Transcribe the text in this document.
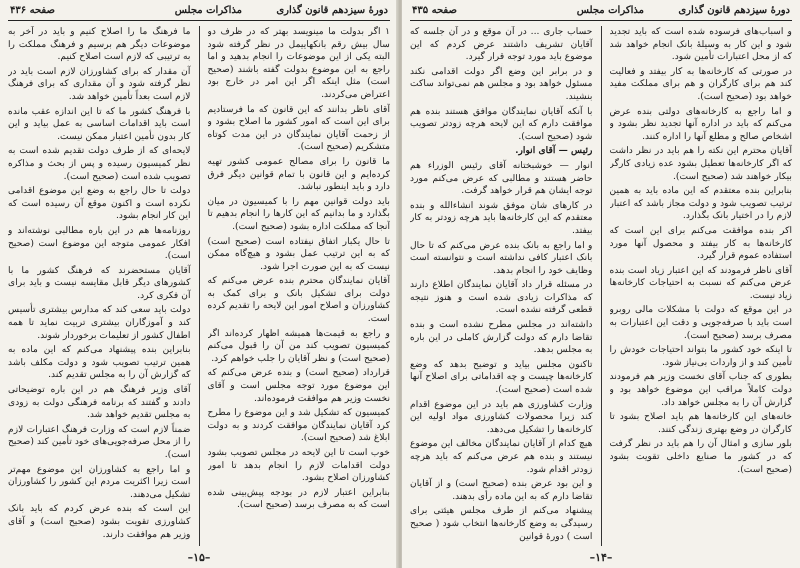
دورهٔ سیزدهم قانون گذاری
مذاکرات مجلس
صفحه ۴۳۶

۱ اگر بدولت ما مینویسد بهتر که در ظرف دو سال بیش رقم بانکهاییمل در نظر گرفته شود البته یکی از این موضوعات را انجام بدهید و اما راجع به این موضوع بدولت گفته باشند (صحیح است) مثل اینکه اگر این امر در خارج بود اعتراض می‌کردند.

آقای ناظر بدانند که این قانون که ما فرستادیم برای این است که امور کشور ما اصلاح بشود و از زحمت آقایان نمایندگان در این مدت کوتاه متشکریم (صحیح است).

ما قانون را برای مصالح عمومی کشور تهیه کرده‌ایم و این قانون با تمام قوانین دیگر فرق دارد و باید اینطور نباشد.

باید دولت قوانین مهم را با کمیسیون در میان بگذارد و ما بدانیم که این کارها را انجام بدهیم تا آنجا که مملکت اداره بشود (صحیح است).

تا حال یکبار اتفاق نیفتاده است (صحیح است) که به این ترتیب عمل بشود و هیچ‌گاه ممکن نیست که به این صورت اجرا شود.

آقایان نمایندگان محترم بنده عرض می‌کنم که دولت برای تشکیل بانک و برای کمک به کشاورزان و اصلاح امور این لایحه را تقدیم کرده است.

و راجع به قیمت‌ها همیشه اظهار کرده‌اند اگر کمیسیون تصویب کند من آن را قبول می‌کنم (صحیح است) و نظر آقایان را جلب خواهم کرد.

قرارداد (صحیح است) و بنده عرض می‌کنم که این موضوع مورد توجه مجلس است و آقای نخست وزیر هم موافقت فرموده‌اند.

کمیسیون که تشکیل شد و این موضوع را مطرح کرد آقایان نمایندگان موافقت کردند و به دولت ابلاغ شد (صحیح است).

خوب است تا این لایحه در مجلس تصویب بشود دولت اقدامات لازم را انجام بدهد تا امور کشاورزان اصلاح بشود.

بنابراین اعتبار لازم در بودجه پیش‌بینی شده است که به مصرف برسد (صحیح است).

ما فرهنگ ما را اصلاح کنیم و باید در آخر به موضوعات دیگر هم برسیم و فرهنگ مملکت را به ترتیبی که لازم است اصلاح کنیم.

آن مقدار که برای کشاورزان لازم است باید در نظر گرفته شود و آن مقداری که برای فرهنگ لازم است بعداً تأمین خواهد شد.

با فرهنگ کشور ما که تا این اندازه عقب مانده است باید اقدامات اساسی به عمل بیاید و این کار بدون تأمین اعتبار ممکن نیست.

لایحه‌ای که از طرف دولت تقدیم شده است به نظر کمیسیون رسیده و پس از بحث و مذاکره تصویب شده است (صحیح است).

دولت تا حال راجع به وضع این موضوع اقدامی نکرده است و اکنون موقع آن رسیده است که این کار انجام بشود.

روزنامه‌ها هم در این باره مطالبی نوشته‌اند و افکار عمومی متوجه این موضوع است (صحیح است).

آقایان مستحضرند که فرهنگ کشور ما با کشورهای دیگر قابل مقایسه نیست و باید برای آن فکری کرد.

دولت باید سعی کند که مدارس بیشتری تأسیس کند و آموزگاران بیشتری تربیت نماید تا همه اطفال کشور از تعلیمات برخوردار شوند.

بنابراین بنده پیشنهاد می‌کنم که این ماده به همین ترتیب تصویب شود و دولت مکلف باشد که گزارش آن را به مجلس تقدیم کند.

آقای وزیر فرهنگ هم در این باره توضیحاتی دادند و گفتند که برنامه فرهنگی دولت به زودی به مجلس تقدیم خواهد شد.

ضمناً لازم است که وزارت فرهنگ اعتبارات لازم را از محل صرفه‌جویی‌های خود تأمین کند (صحیح است).

و اما راجع به کشاورزان این موضوع مهم‌تر است زیرا اکثریت مردم این کشور را کشاورزان تشکیل می‌دهند.

این است که بنده عرض کردم که باید بانک کشاورزی تقویت بشود (صحیح است) و آقای وزیر هم موافقت دارند.

–۱۵–
دورهٔ سیزدهم قانون گذاری
مذاکرات مجلس
صفحه ۴۳۵

و اسباب‌های فرسوده شده است که باید تجدید شود و این کار به وسیلهٔ بانک انجام خواهد شد که از محل اعتبارات تأمین شود.

در صورتی که کارخانه‌ها به کار بیفتد و فعالیت کند هم برای کارگران و هم برای مملکت مفید خواهد بود (صحیح است).

و اما راجع به کارخانه‌های دولتی بنده عرض می‌کنم که باید در اداره آنها تجدید نظر بشود و اشخاص صالح و مطلع آنها را اداره کنند.

آقایان محترم این نکته را هم باید در نظر داشت که اگر کارخانه‌ها تعطیل بشود عده زیادی کارگر بیکار خواهند شد (صحیح است).

بنابراین بنده معتقدم که این ماده باید به همین ترتیب تصویب شود و دولت مجاز باشد که اعتبار لازم را در اختیار بانک بگذارد.

اکر بنده موافقت می‌کنم برای این است که کارخانه‌ها به کار بیفتد و محصول آنها مورد استفاده عموم قرار گیرد.

آقای ناظر فرمودند که این اعتبار زیاد است بنده عرض می‌کنم که نسبت به احتیاجات کارخانه‌ها زیاد نیست.

در این موقع که دولت با مشکلات مالی روبرو است باید با صرفه‌جویی و دقت این اعتبارات به مصرف برسد (صحیح است).

تا اینکه خود کشور ما بتواند احتیاجات خودش را تأمین کند و از واردات بی‌نیاز شود.

بطوری که جناب آقای نخست وزیر هم فرمودند دولت کاملاً مراقب این موضوع خواهد بود و گزارش آن را به مجلس خواهد داد.

خانه‌های این کارخانه‌ها هم باید اصلاح بشود تا کارگران در وضع بهتری زندگی کنند.

بلور سازی و امثال آن را هم باید در نظر گرفت که در کشور ما صنایع داخلی تقویت بشود (صحیح است).

حساب جاری ... در آن موقع و در آن جلسه که آقایان تشریف داشتند عرض کردم که این موضوع باید مورد توجه قرار گیرد.

و در برابر این وضع اگر دولت اقدامی نکند مسئول خواهد بود و مجلس هم نمی‌تواند ساکت بنشیند.

با آنکه آقایان نمایندگان موافق هستند بنده هم موافقت دارم که این لایحه هرچه زودتر تصویب شود (صحیح است).

رئیس — آقای انوار.

انوار — خوشبختانه آقای رئیس الوزراء هم حاضر هستند و مطالبی که عرض می‌کنم مورد توجه ایشان هم قرار خواهد گرفت.

در کارهای شان موفق شوند انشاءالله و بنده معتقدم که این کارخانه‌ها باید هرچه زودتر به کار بیفتد.

و اما راجع به بانک بنده عرض می‌کنم که تا حال بانک اعتبار کافی نداشته است و نتوانسته است وظایف خود را انجام بدهد.

در مسئله قرار داد آقایان نمایندگان اطلاع دارند که مذاکرات زیادی شده است و هنوز نتیجه قطعی گرفته نشده است.

داشته‌اند در مجلس مطرح نشده است و بنده تقاضا دارم که دولت گزارش کاملی در این باره به مجلس بدهد.

تاکنون مجلس بیاید و توضیح بدهد که وضع کارخانه‌ها چیست و چه اقداماتی برای اصلاح آنها شده است (صحیح است).

وزارت کشاورزی هم باید در این موضوع اقدام کند زیرا محصولات کشاورزی مواد اولیه این کارخانه‌ها را تشکیل می‌دهد.

هیچ کدام از آقایان نمایندگان مخالف این موضوع نیستند و بنده هم عرض می‌کنم که باید هرچه زودتر اقدام شود.

و این بود عرض بنده (صحیح است) و از آقایان تقاضا دارم که به این ماده رأی بدهند.

پیشنهاد می‌کنم از طرف مجلس هیئتی برای رسیدگی به وضع کارخانه‌ها انتخاب شود ( صحیح است ) دورهٔ قوانین

–۱۴–
